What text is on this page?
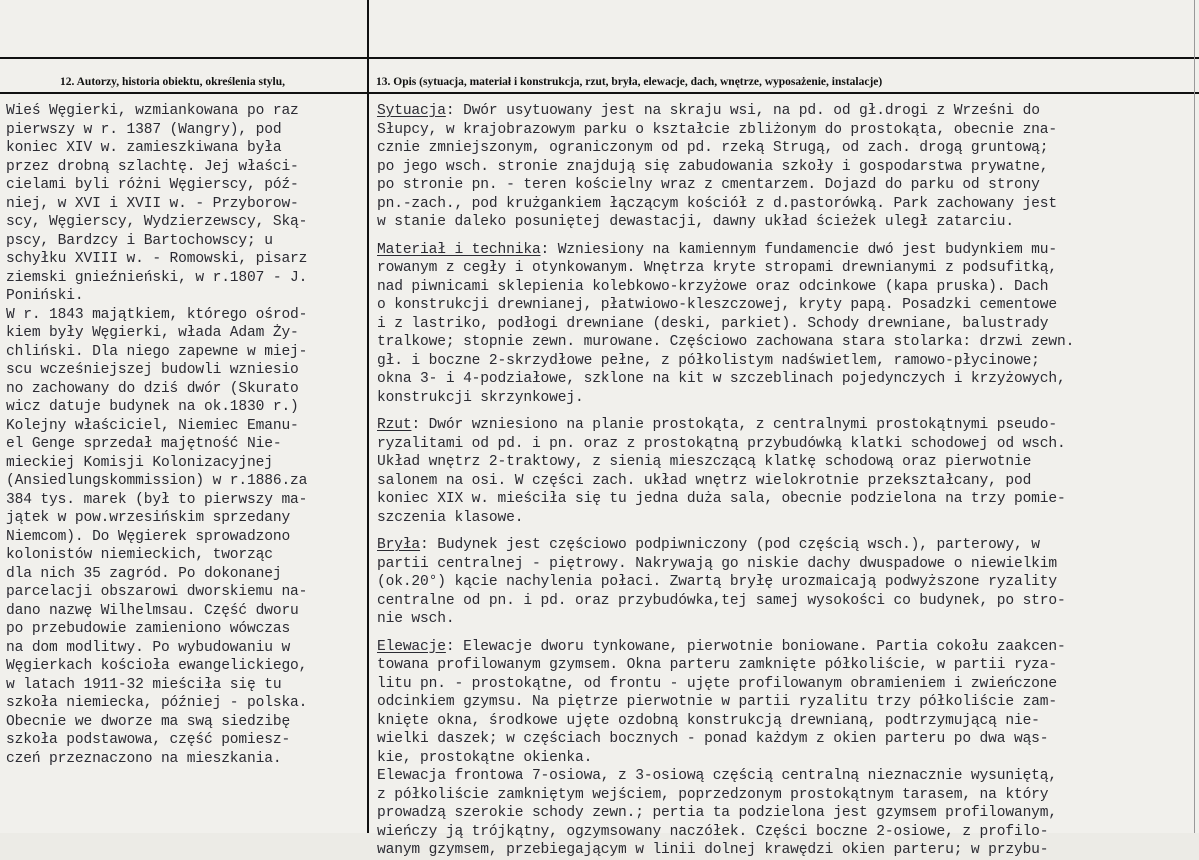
12. Autorzy, historia obiektu, określenia stylu,	13. Opis (sytuacja, materiał i konstrukcja, rzut, bryła, elewacje, dach, wnętrze, wyposażenie, instalacje)
Wieś Węgierki, wzmiankowana po raz
pierwszy w r. 1387 (Wangry), pod
koniec XIV w. zamieszkiwana była
przez drobną szlachtę. Jej właści-
cielami byli różni Węgierscy, póź-
niej, w XVI i XVII w. - Przyborow-
scy, Węgierscy, Wydzierzewscy, Ską-
pscy, Bardzcy i Bartochowscy; u
schyłku XVIII w. - Romowski, pisarz
ziemski gnieźnieński, w r.1807 - J.
Poniński.
W r. 1843 majątkiem, którego ośrod-
kiem były Węgierki, włada Adam Ży-
chliński. Dla niego zapewne w miej-
scu wcześniejszej budowli wzniesio
no zachowany do dziś dwór (Skurato
wicz datuje budynek na ok.1830 r.)
Kolejny właściciel, Niemiec Emanu-
el Genge sprzedał majętność Nie-
mieckiej Komisji Kolonizacyjnej
(Ansiedlungskommission) w r.1886.za
384 tys. marek (był to pierwszy ma-
jątek w pow.wrzesińskim sprzedany
Niemcom). Do Węgierek sprowadzono
kolonistów niemieckich, tworząc
dla nich 35 zagród. Po dokonanej
parcelacji obszarowi dworskiemu na-
dano nazwę Wilhelmsau. Część dworu
po przebudowie zamieniono wówczas
na dom modlitwy. Po wybudowaniu w
Węgierkach kościoła ewangelickiego,
w latach 1911-32 mieściła się tu
szkoła niemiecka, później - polska.
Obecnie we dworze ma swą siedzibę
szkoła podstawowa, część pomiesz-
czeń przeznaczono na mieszkania.
Sytuacja: Dwór usytuowany jest na skraju wsi, na pd. od gł.drogi z Wrześni do
Słupcy, w krajobrazowym parku o kształcie zbliżonym do prostokąta, obecnie zna-
cznie zmniejszonym, ograniczonym od pd. rzeką Strugą, od zach. drogą gruntową;
po jego wsch. stronie znajdują się zabudowania szkoły i gospodarstwa prywatne,
po stronie pn. - teren kościelny wraz z cmentarzem. Dojazd do parku od strony
pn.-zach., pod krużgankiem łączącym kościół z d.pastorówką. Park zachowany jest
w stanie daleko posuniętej dewastacji, dawny układ ścieżek uległ zatarciu.
Materiał i technika: Wzniesiony na kamiennym fundamencie dwó jest budynkiem mu-
rowanym z cegły i otynkowanym. Wnętrza kryte stropami drewnianymi z podsufitką,
nad piwnicami sklepienia kolebkowo-krzyżowe oraz odcinkowe (kapa pruska). Dach
o konstrukcji drewnianej, płatwiowo-kleszczowej, kryty papą. Posadzki cementowe
i z lastriko, podłogi drewniane (deski, parkiet). Schody drewniane, balustrady
tralkowe; stopnie zewn. murowane. Częściowo zachowana stara stolarka: drzwi zewn.
gł. i boczne 2-skrzydłowe pełne, z półkolistym nadświetlem, ramowo-płycinowe;
okna 3- i 4-podziałowe, szklone na kit w szczeblinach pojedynczych i krzyżowych,
konstrukcji skrzynkowej.
Rzut: Dwór wzniesiono na planie prostokąta, z centralnymi prostokątnymi pseudo-
ryzalitami od pd. i pn. oraz z prostokątną przybudówką klatki schodowej od wsch.
Układ wnętrz 2-traktowy, z sienią mieszczącą klatkę schodową oraz pierwotnie
salonem na osi. W części zach. układ wnętrz wielokrotnie przekształcany, pod
koniec XIX w. mieściła się tu jedna duża sala, obecnie podzielona na trzy pomie-
szczenia klasowe.
Bryła: Budynek jest częściowo podpiwniczony (pod częścią wsch.), parterowy, w
partii centralnej - piętrowy. Nakrywają go niskie dachy dwuspadowe o niewielkim
(ok.20°) kącie nachylenia połaci. Zwartą bryłę urozmaicają podwyższone ryzality
centralne od pn. i pd. oraz przybudówka,tej samej wysokości co budynek, po stro-
nie wsch.
Elewacje: Elewacje dworu tynkowane, pierwotnie boniowane. Partia cokołu zaakcen-
towana profilowanym gzymsem. Okna parteru zamknięte półkoliście, w partii ryza-
litu pn. - prostokątne, od frontu - ujęte profilowanym obramieniem i zwieńczone
odcinkiem gzymsu. Na piętrze pierwotnie w partii ryzalitu trzy półkoliście zam-
knięte okna, środkowe ujęte ozdobną konstrukcją drewnianą, podtrzymującą nie-
wielki daszek; w częściach bocznych - ponad każdym z okien parteru po dwa wąs-
kie, prostokątne okienka.
Elewacja frontowa 7-osiowa, z 3-osiową częścią centralną nieznacznie wysuniętą,
z półkoliście zamkniętym wejściem, poprzedzonym prostokątnym tarasem, na który
prowadzą szerokie schody zewn.; pertia ta podzielona jest gzymsem profilowanym,
wieńczy ją trójkątny, ogzymsowany naczółek. Części boczne 2-osiowe, z profilo-
wanym gzymsem, przebiegającym w linii dolnej krawędzi okien parteru; w przybu-
